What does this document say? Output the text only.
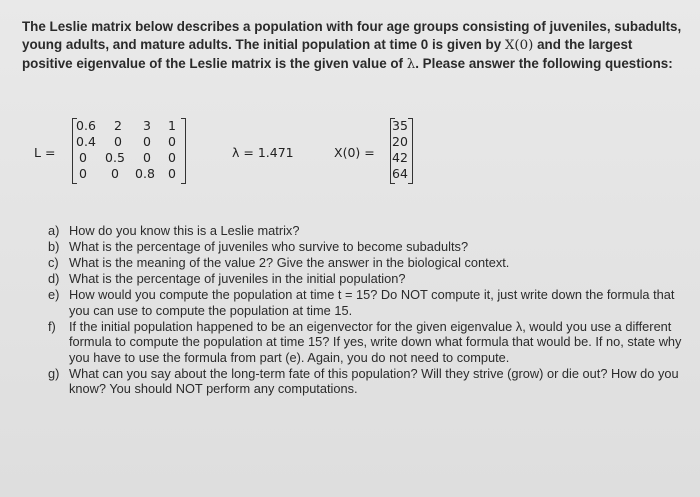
The Leslie matrix below describes a population with four age groups consisting of juveniles, subadults,
young adults, and mature adults. The initial population at time 0 is given by X(0) and the largest
positive eigenvalue of the Leslie matrix is the given value of λ. Please answer the following questions:
L =
0.6	2	3	1
0.4	0	0	0
0	0.5	0	0
0	0	0.8	0
λ = 1.471	X(0) =
35
20
42
64
a) How do you know this is a Leslie matrix?
b) What is the percentage of juveniles who survive to become subadults?
c) What is the meaning of the value 2? Give the answer in the biological context.
d) What is the percentage of juveniles in the initial population?
e) How would you compute the population at time t = 15? Do NOT compute it, just write down the formula that you can use to compute the population at time 15.
f)	If the initial population happened to be an eigenvector for the given eigenvalue λ, would you use a different formula to compute the population at time 15? If yes, write down what formula that would be. If no, state why you have to use the formula from part (e). Again, you do not need to compute.
g) What can you say about the long-term fate of this population? Will they strive (grow) or die out? How do you know? You should NOT perform any computations.
